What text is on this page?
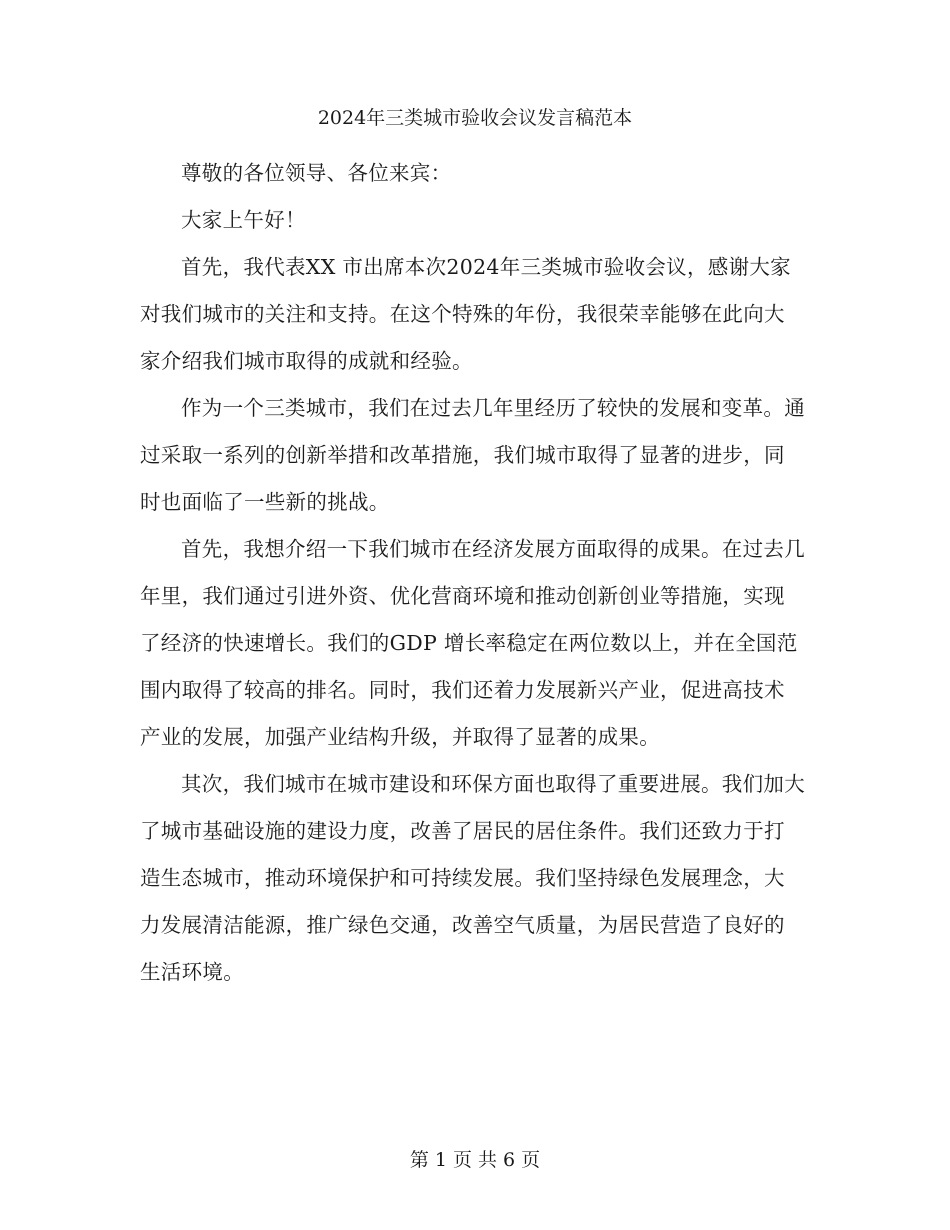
2024年三类城市验收会议发言稿范本

尊敬的各位领导、各位来宾：

大家上午好！

首先，我代表XX 市出席本次2024年三类城市验收会议，感谢大家对我们城市的关注和支持。在这个特殊的年份，我很荣幸能够在此向大家介绍我们城市取得的成就和经验。

作为一个三类城市，我们在过去几年里经历了较快的发展和变革。通过采取一系列的创新举措和改革措施，我们城市取得了显著的进步，同时也面临了一些新的挑战。

首先，我想介绍一下我们城市在经济发展方面取得的成果。在过去几年里，我们通过引进外资、优化营商环境和推动创新创业等措施，实现了经济的快速增长。我们的GDP 增长率稳定在两位数以上，并在全国范围内取得了较高的排名。同时，我们还着力发展新兴产业，促进高技术产业的发展，加强产业结构升级，并取得了显著的成果。

其次，我们城市在城市建设和环保方面也取得了重要进展。我们加大了城市基础设施的建设力度，改善了居民的居住条件。我们还致力于打造生态城市，推动环境保护和可持续发展。我们坚持绿色发展理念，大力发展清洁能源，推广绿色交通，改善空气质量，为居民营造了良好的生活环境。

第 1 页 共 6 页
